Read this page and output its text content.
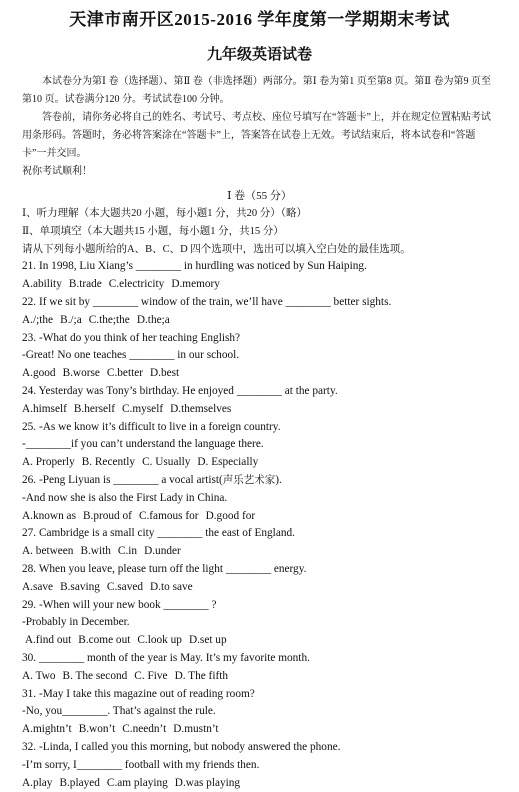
天津市南开区2015-2016 学年度第一学期期末考试
九年级英语试卷

本试卷分为第Ⅰ 卷（选择题）、第Ⅱ 卷（非选择题）两部分。第Ⅰ 卷为第1 页至第8 页。第Ⅱ 卷为第9 页至第10 页。试卷满分120 分。考试试卷100 分钟。

答卷前，请你务必将自己的姓名、考试号、考点校、座位号填写在“答题卡”上，并在规定位置粘贴考试用条形码。答题时，务必将答案涂在“答题卡”上，答案答在试卷上无效。考试结束后，将本试卷和“答题卡”一并交回。

祝你考试顺利！

Ⅰ 卷（55 分）

Ⅰ、听力理解（本大题共20 小题，每小题1 分，共20 分）（略）

Ⅱ、单项填空（本大题共15 小题，每小题1 分，共15 分）

请从下列每小题所给的A、B、C、D 四个选项中，选出可以填入空白处的最佳选项。

21. In 1998, Liu Xiang’s ________ in hurdling was noticed by Sun Haiping.

A.ability B.trade C.electricity D.memory

22. If we sit by ________ window of the train, we’ll have ________ better sights.

A./;the B./;a C.the;the D.the;a

23. -What do you think of her teaching English?

-Great! No one teaches ________ in our school.

A.good B.worse C.better D.best

24. Yesterday was Tony’s birthday. He enjoyed ________ at the party.

A.himself B.herself C.myself D.themselves

25. -As we know it’s difficult to live in a foreign country.

-________if you can’t understand the language there.

A. Properly B. Recently C. Usually D. Especially

26. -Peng Liyuan is ________ a vocal artist(声乐艺术家).

-And now she is also the First Lady in China.

A.known as B.proud of C.famous for D.good for

27. Cambridge is a small city ________ the east of England.

A. between B.with C.in D.under

28. When you leave, please turn off the light ________ energy.

A.save B.saving C.saved D.to save

29. -When will your new book ________ ?

-Probably in December.

A.find out B.come out C.look up D.set up

30. ________ month of the year is May. It’s my favorite month.

A. Two B. The second C. Five D. The fifth

31. -May I take this magazine out of reading room?

-No, you________. That’s against the rule.

A.mightn’t B.won’t C.needn’t D.mustn’t

32. -Linda, I called you this morning, but nobody answered the phone.

-I’m sorry, I________ football with my friends then.

A.play B.played C.am playing D.was playing
